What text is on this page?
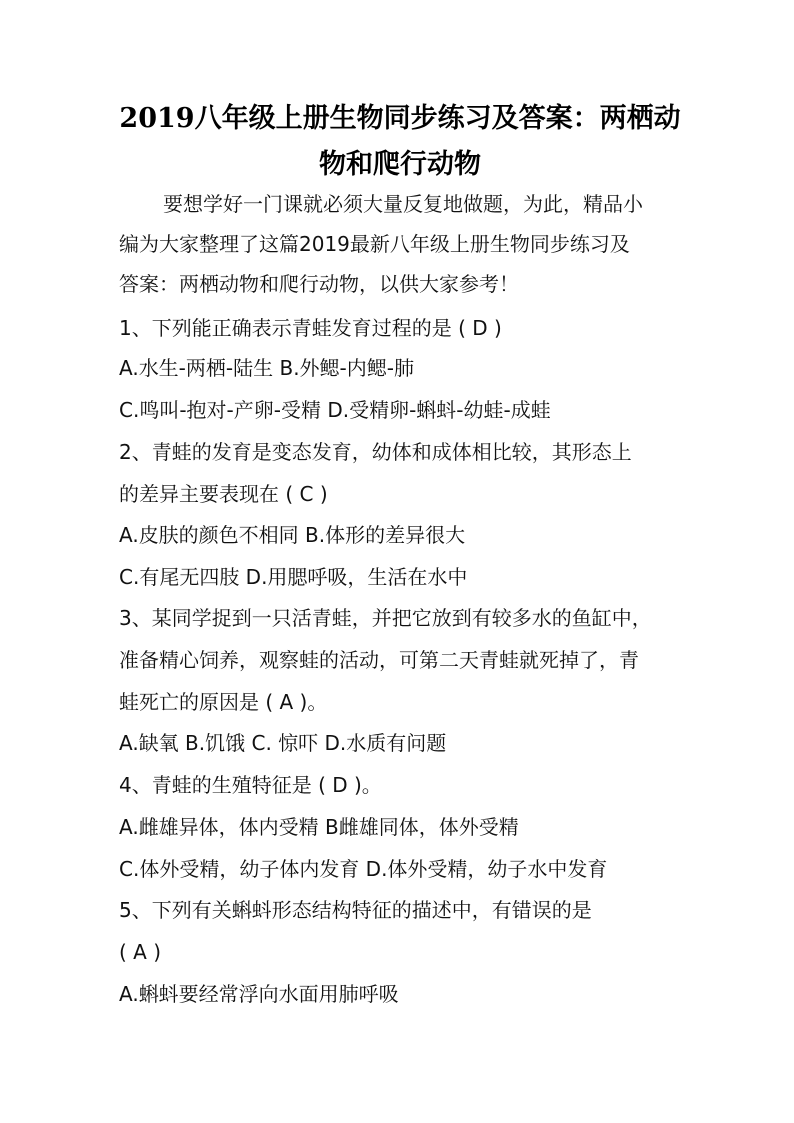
2019八年级上册生物同步练习及答案：两栖动
物和爬行动物
要想学好一门课就必须大量反复地做题，为此，精品小
编为大家整理了这篇2019最新八年级上册生物同步练习及
答案：两栖动物和爬行动物，以供大家参考！
1、下列能正确表示青蛙发育过程的是 ( D )
A.水生-两栖-陆生 B.外鳃-内鳃-肺
C.鸣叫-抱对-产卵-受精 D.受精卵-蝌蚪-幼蛙-成蛙
2、青蛙的发育是变态发育，幼体和成体相比较，其形态上
的差异主要表现在 ( C )
A.皮肤的颜色不相同 B.体形的差异很大
C.有尾无四肢 D.用腮呼吸，生活在水中
3、某同学捉到一只活青蛙，并把它放到有较多水的鱼缸中，
准备精心饲养，观察蛙的活动，可第二天青蛙就死掉了，青
蛙死亡的原因是 ( A )。
A.缺氧 B.饥饿 C. 惊吓 D.水质有问题
4、青蛙的生殖特征是 ( D )。
A.雌雄异体，体内受精 B雌雄同体，体外受精
C.体外受精，幼子体内发育 D.体外受精，幼子水中发育
5、下列有关蝌蚪形态结构特征的描述中，有错误的是
( A )
A.蝌蚪要经常浮向水面用肺呼吸
